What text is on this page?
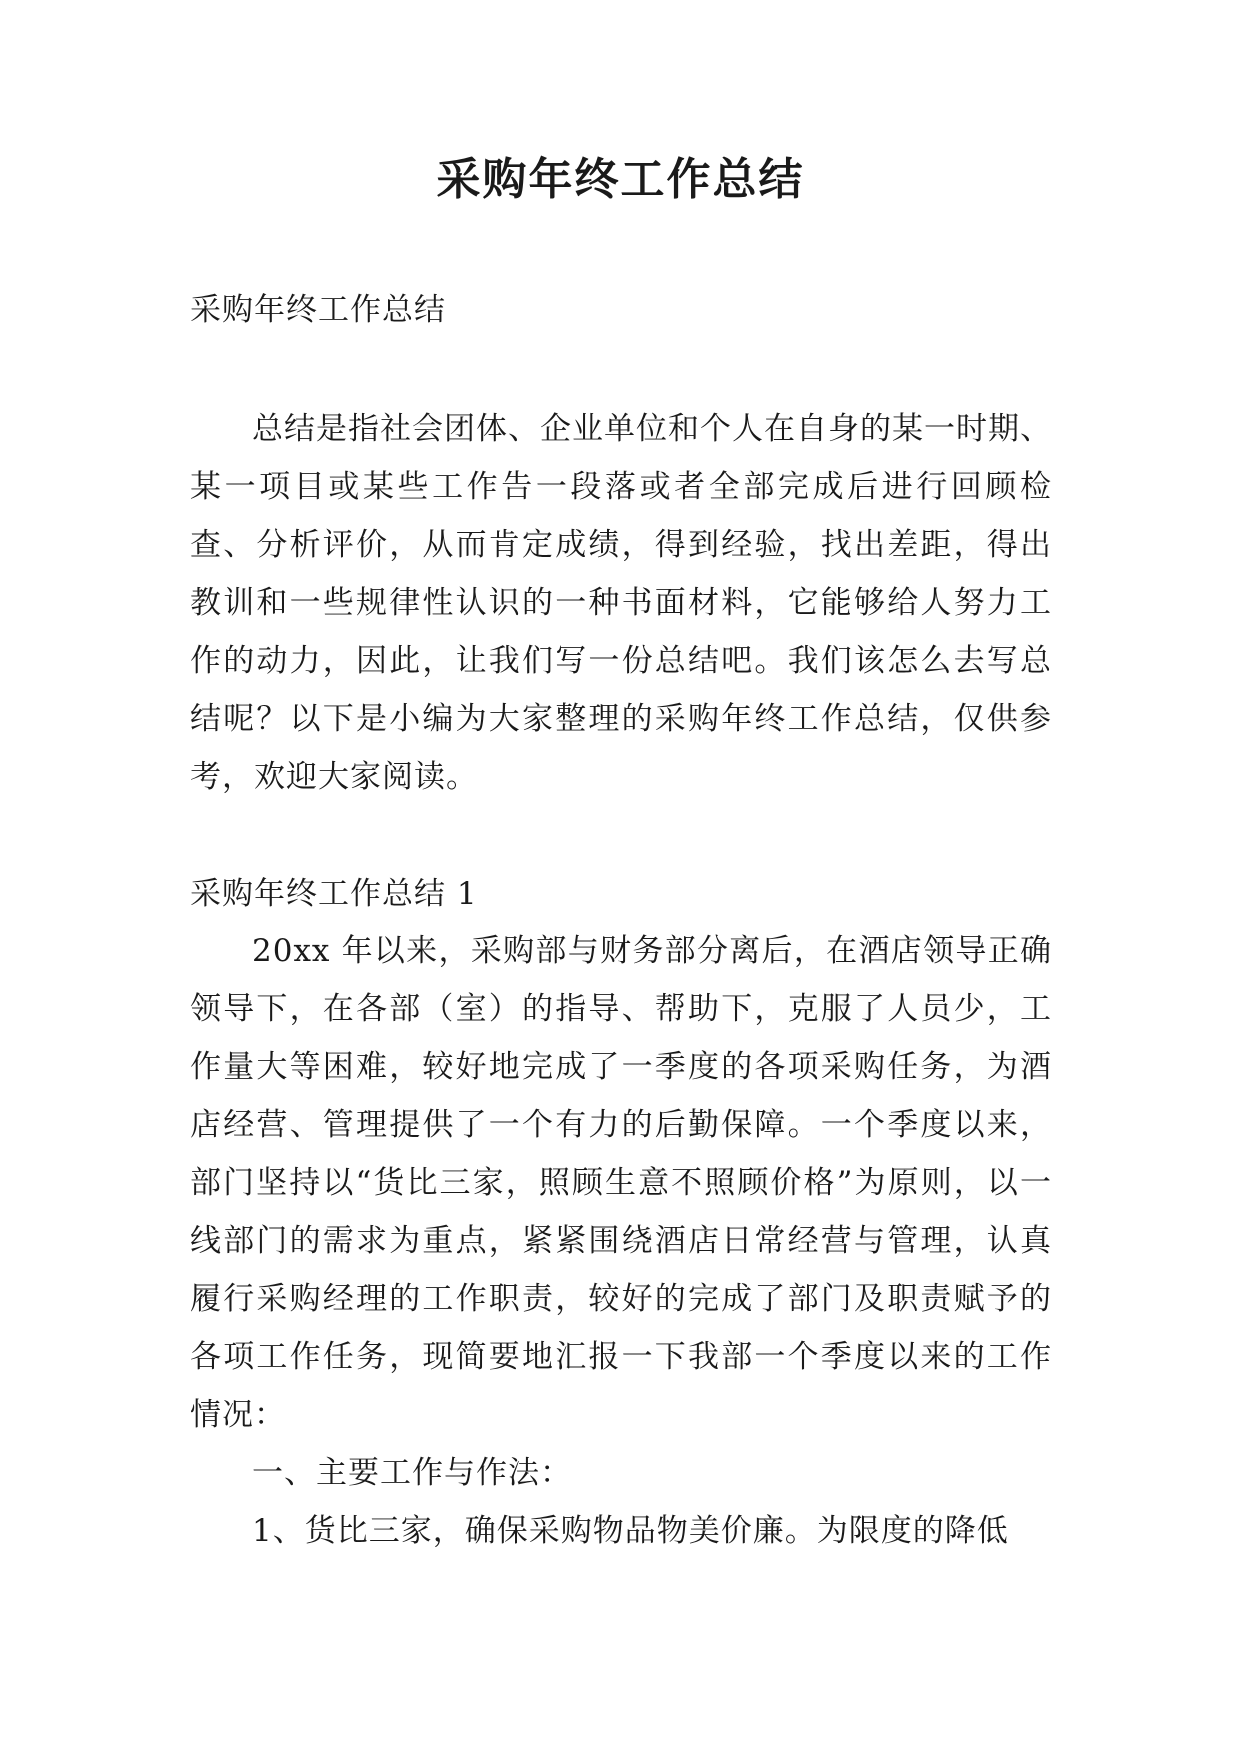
采购年终工作总结

采购年终工作总结

总结是指社会团体、企业单位和个人在自身的某一时期、某一项目或某些工作告一段落或者全部完成后进行回顾检查、分析评价，从而肯定成绩，得到经验，找出差距，得出教训和一些规律性认识的一种书面材料，它能够给人努力工作的动力，因此，让我们写一份总结吧。我们该怎么去写总结呢？以下是小编为大家整理的采购年终工作总结，仅供参考，欢迎大家阅读。

采购年终工作总结 1

20xx 年以来，采购部与财务部分离后，在酒店领导正确领导下，在各部（室）的指导、帮助下，克服了人员少，工作量大等困难，较好地完成了一季度的各项采购任务，为酒店经营、管理提供了一个有力的后勤保障。一个季度以来，部门坚持以“货比三家，照顾生意不照顾价格”为原则，以一线部门的需求为重点，紧紧围绕酒店日常经营与管理，认真履行采购经理的工作职责，较好的完成了部门及职责赋予的各项工作任务，现简要地汇报一下我部一个季度以来的工作情况：

一、主要工作与作法：

1、货比三家，确保采购物品物美价廉。为限度的降低
